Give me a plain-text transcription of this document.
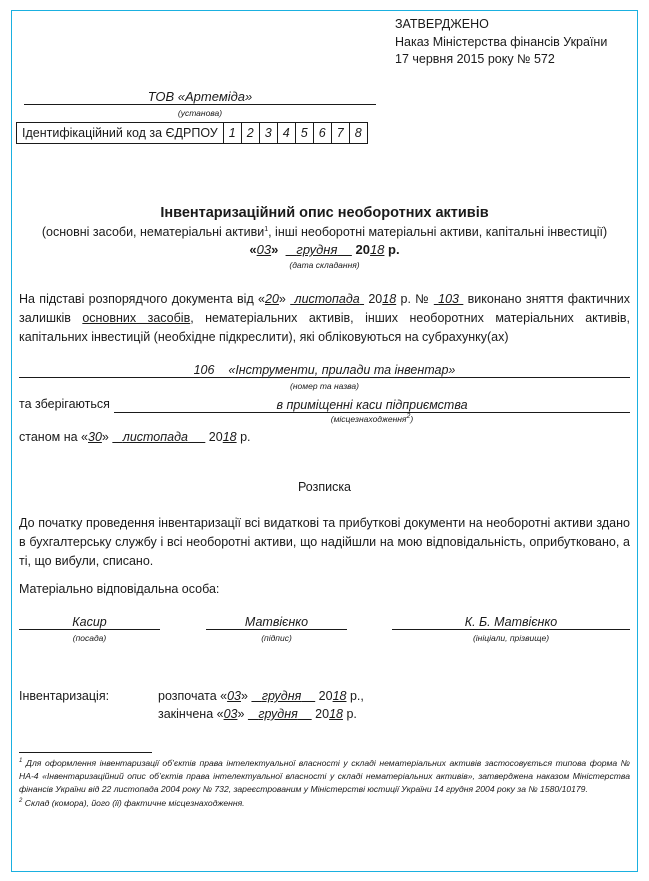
ЗАТВЕРДЖЕНО
Наказ Міністерства фінансів України
17 червня 2015 року № 572
ТОВ «Артеміда»
(установа)
Ідентифікаційний код за ЄДРПОУ	1	2	3	4	5	6	7	8
Інвентаризаційний опис необоротних активів
(основні засоби, нематеріальні активи$^1$, інші необоротні матеріальні активи, капітальні інвестиції)
«03» грудня 2018 р.
(дата складання)
На підставі розпорядчого документа від «20»  листопада 2018 р. №  103  виконано зняття фактичних залишків основних засобів, нематеріальних активів, інших необоротних матеріальних активів, капітальних інвестицій (необхідне підкреслити), які обліковуються на субрахунку(ах)
106 «Інструменти, прилади та інвентар»
(номер та назва)
та зберігаються	в приміщенні каси підприємства
(місцезнаходження$^2$)
станом на «30»    листопада 2018 р.
Розписка
До початку проведення інвентаризації всі видаткові та прибуткові документи на необоротні активи здано в бухгалтерську службу і всі необоротні активи, що надійшли на мою відповідальність, оприбутковано, а ті, що вибули, списано.
Матеріально відповідальна особа:
Касир
(посада)
Матвієнко
(підпис)
К. Б. Матвієнко
(ініціали, прізвище)
Інвентаризація:	розпочата «03»    грудня 2018 р.,
закінчена «03»    грудня 2018 р.
$^1$ Для оформлення інвентаризації об’єктів права інтелектуальної власності у складі нематеріальних активів застосовується типова форма № НА-4 «Інвентаризаційний опис об’єктів права інтелектуальної власності у складі нематеріальних активів», затверджена наказом Міністерства фінансів України від 22 листопада 2004 року № 732, зареєстрованим у Міністерстві юстиції України 14 грудня 2004 року за № 1580/10179.
$^2$ Склад (комора), його (її) фактичне місцезнаходження.
